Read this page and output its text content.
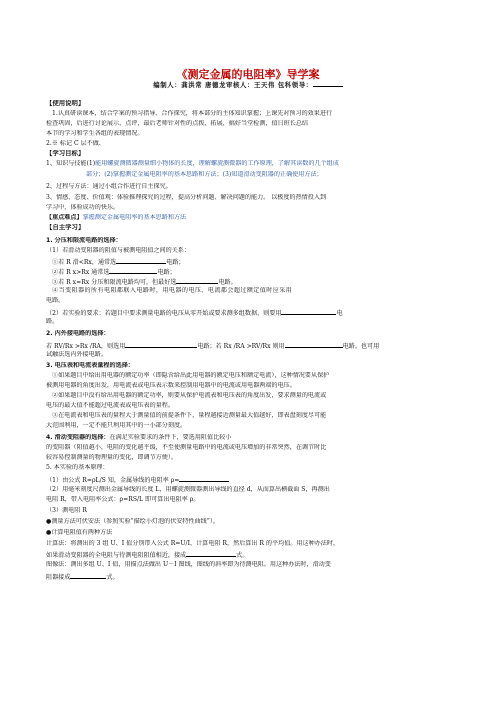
《测定金属的电阻率》导学案
编制人：龚洪常 唐德龙审核人：王天伟 包科领导：
【使用说明】
1.认真研读课本，结合学案的预习指导、合作探究，将本部分的主体知识掌握；上课先对预习的效果进行
检查巩固，后进行讨论展示、点评，最后老师针对性的点拨、拓展，搞好当堂检测，值日班长总结
本节的学习和学生各组的表现情况。
2.※ 标记 C 层不做.
【学习目标】
1、知识与技能(1)能用螺旋测微器测量细小物体的长度，理解螺旋测微器的工作原理，了解其读数的几个组成
部分；(2)掌握测定金属电阻率的基本思路和方法；(3)知道滑动变阻器的正确使用方法；
2、过程与方法：通过小组合作进行自主探究。
3、情感、态度、价值观：体验推理探究的过程，提高分析问题、解决问题的能力。 以极度的热情投入到
学习中，体验成功的快乐。
【重点难点】掌握测定金属电阻率的基本思路和方法
【自主学习】
1. 分压和限流电路的选择：
（1）若滑动变阻器的阻值与被测电阻值之间的关系：
①若 R 滑<Rx，通常选	电路；
②若 R x>Rx 通常选	电路；
③若 R x≈Rx 分压和限流电路均可，但最好选	电路。
④当变阻器的所有电阻都联入电路时，用电器的电压、电流都会超过额定值时应采用
电路。
（2）若实验的要求：若题目中要求测量电路的电压从零开始或要求测多组数据，则要用	电
路。
2. 内外接电路的选择：
若 RV/Rx >Rx /RA，则选用	电路；若 Rx /RA >RV/Rx 则用	电路。也可用
试触法选内外接电路。
3. 电压表和电流表量程的选择：
①如果题目中给出用电器的额定功率（即隐含给出此用电器的额定电压和额定电流），这种情况要从保护
被测用电器的角度出发，用电流表或电压表示数来控制用电器中的电流或用电器两端的电压。
②如果题目中没有给出用电器的额定功率，则要从保护电流表和电压表的角度出发，要求测量的电流或
电压的最大值不能超过电流表或电压表的量程。
③在电流表和电压表的量程大于测量值的前提条件下，量程越接近测量最大值越好，即表盘刻度尽可能
大范围利用，一定不能只利用其中的一小部分刻度。
4. 滑动变阻器的选择：在满足实验要求的条件下，要选用阻值比较小
的变阻器（阻值越小，电阻的变化越平缓，不至使测量电路中的电流或电压增加的非常突然，在调节时比
较容易控制测量的物理量的变化，即调节方便）。
5. 本实验的基本原理：
（1）由公式 R=ρL/S 知，金属导线的电阻率 ρ=
（2）用毫米刻度尺测出金属导线的长度 L，用螺旋测微器测出导线的直径 d，从而算出横截面 S，再测出
电阻 R，带入电阻率公式：ρ=RS/L 即可算出电阻率 ρ。
（3）测电阻 R
●测量方法可伏安法（参照实验“描绘小灯泡的伏安特性曲线”）。
●计算电阻值有两种方法
计算法：将测出的 3 组 U、I 值分别带入公式 R=U/I，计算电阻 R，然后算出 R 的平均值。用这种办法时，
如果滑动变阻器的全电阻与待测电阻阻值相近，接成	式。
图像法：测出多组 U、I 值，用描点法做出 U－I 图线，图线的斜率即为待测电阻。用这种办法时，滑动变
阻器接成	式。
